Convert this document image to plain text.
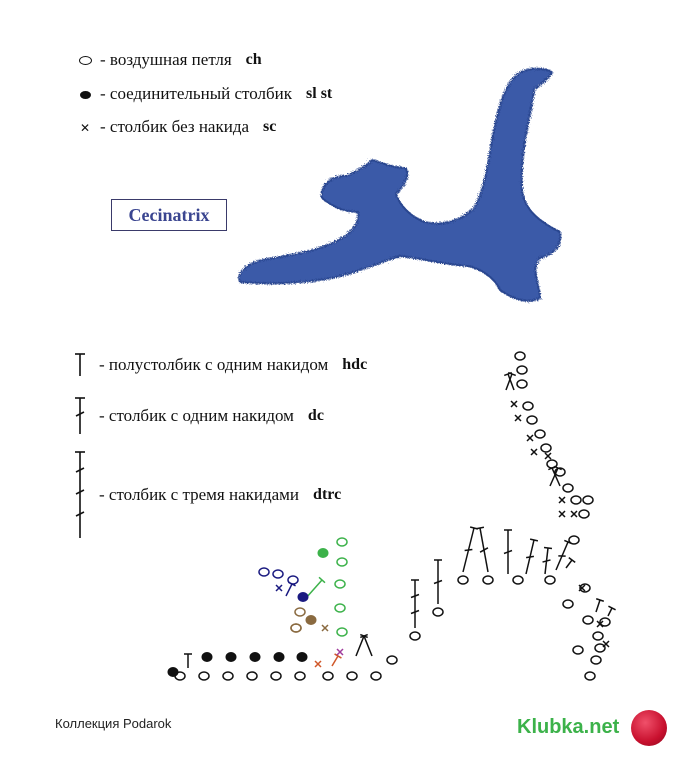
- воздушная петля ch
- соединительный столбик sl st
✕ - столбик без накида sc
Cecinatrix
- полустолбик с одним накидом hdc
- столбик с одним накидом dc
- столбик с тремя накидами dtrc
Коллекция Podarok	Klubka.net
